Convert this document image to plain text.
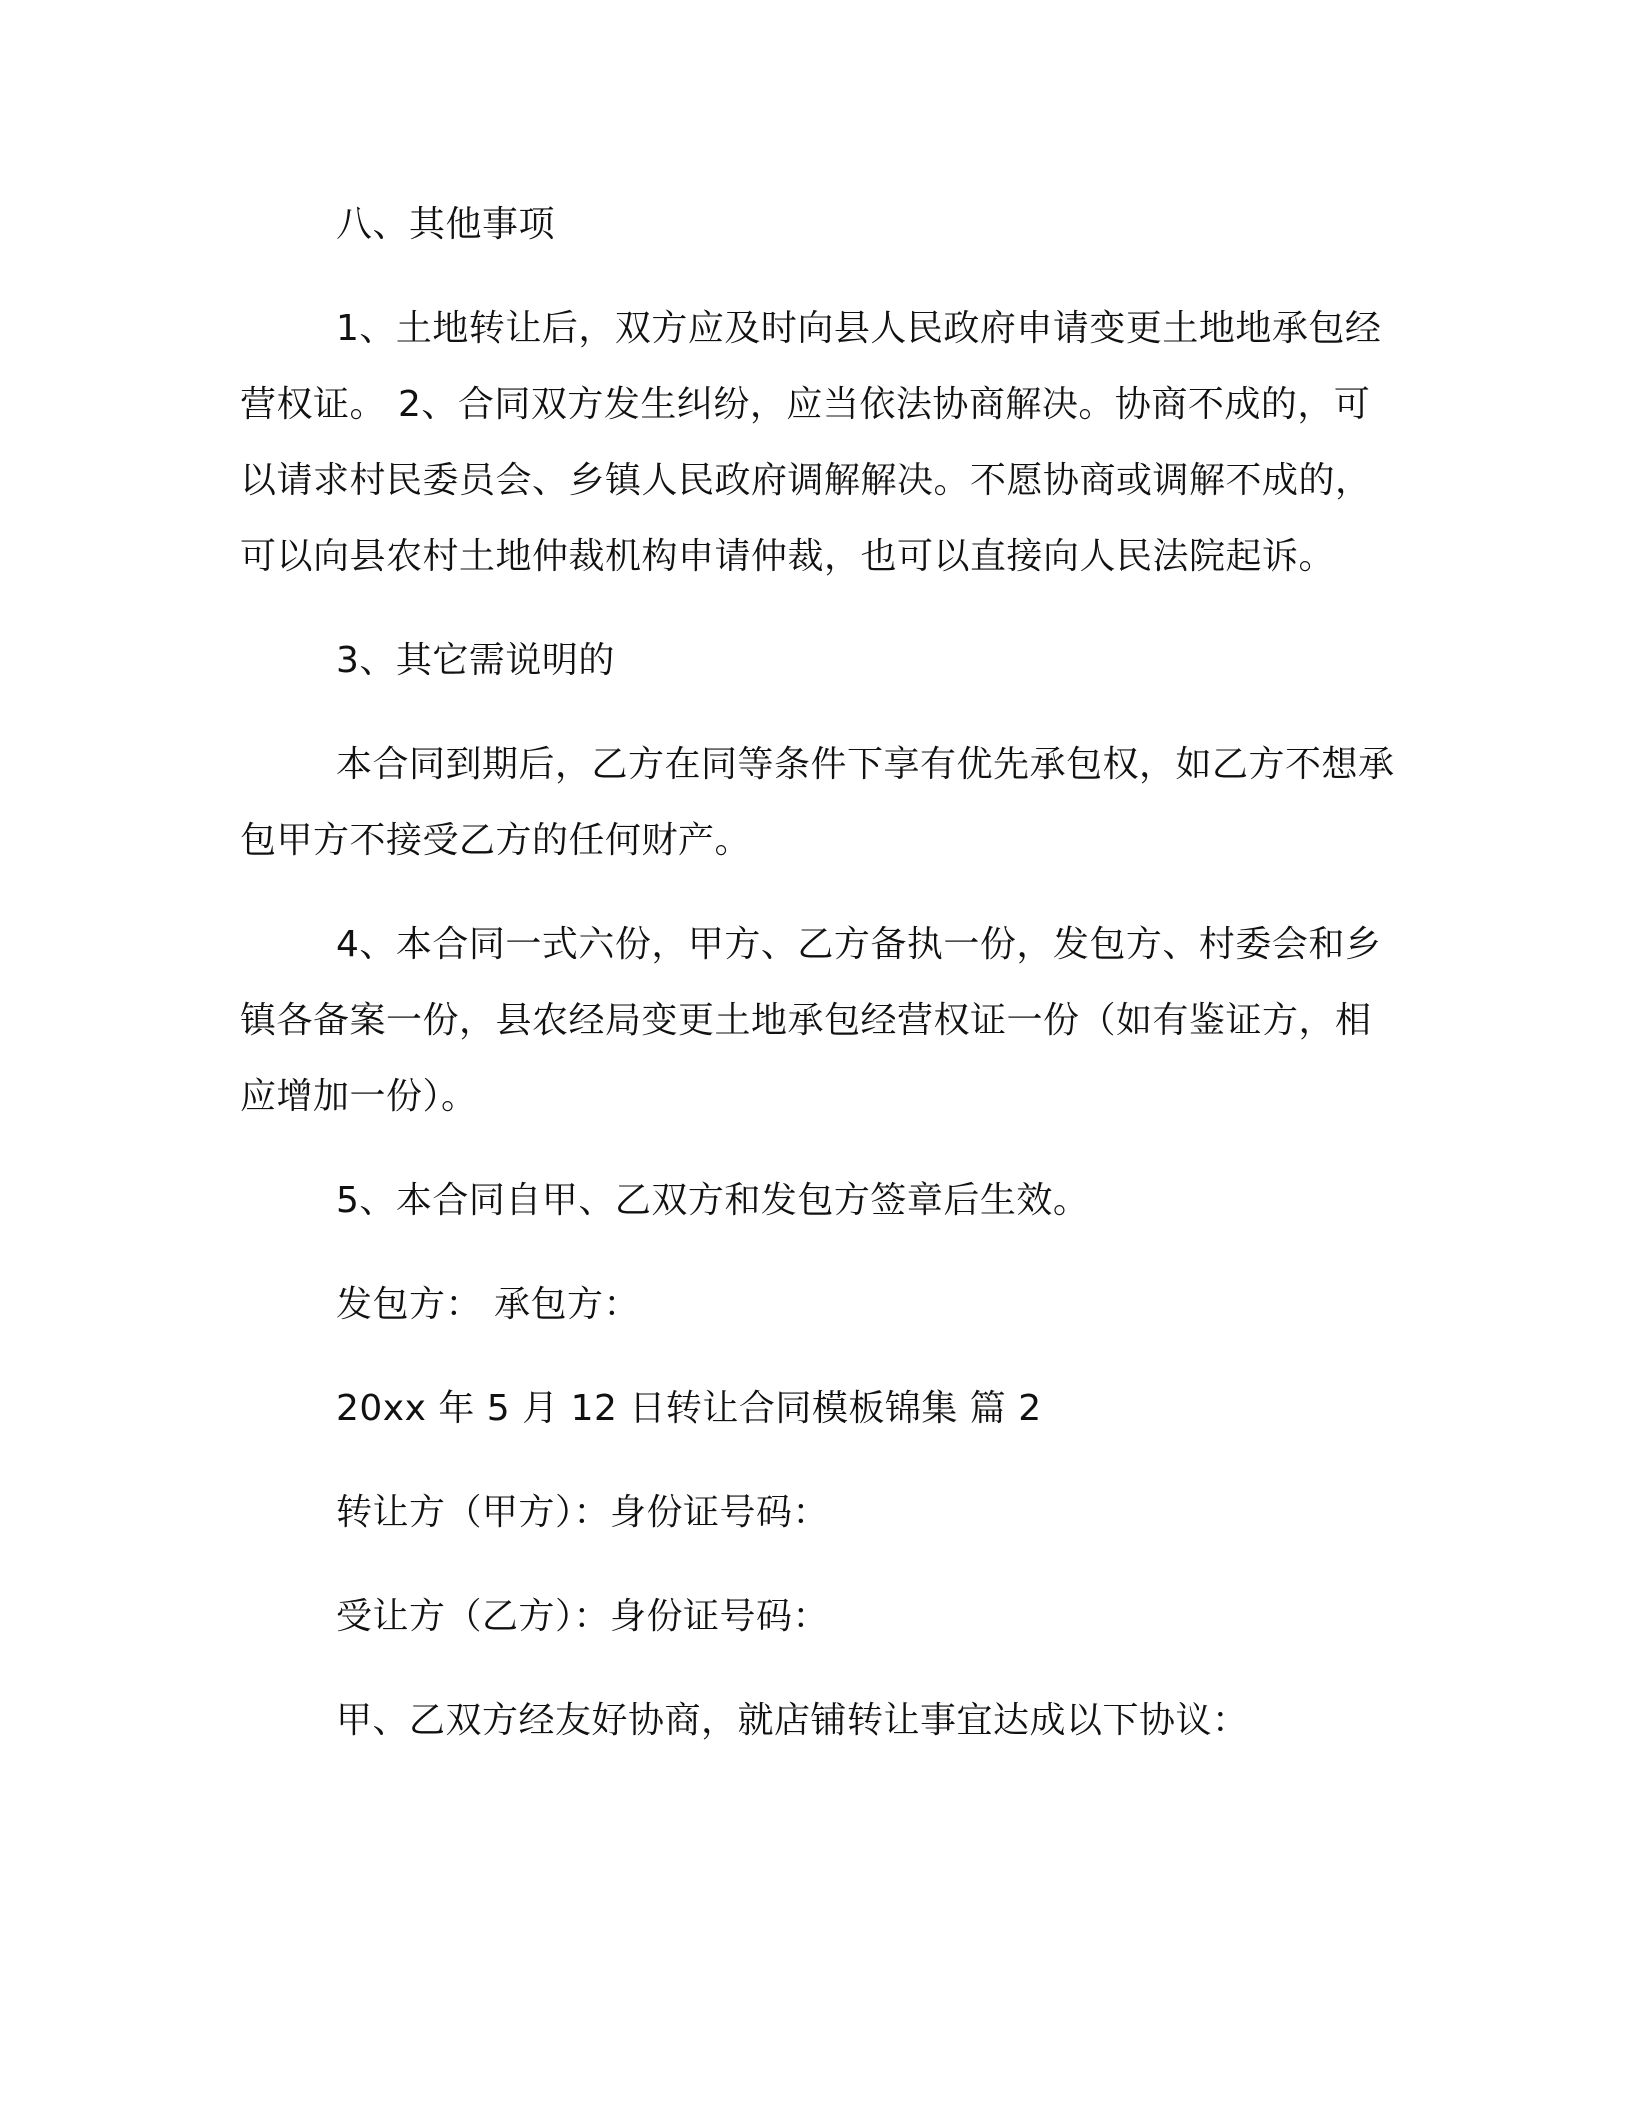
八、其他事项

1、土地转让后，双方应及时向县人民政府申请变更土地地承包经营权证。 2、合同双方发生纠纷，应当依法协商解决。协商不成的，可以请求村民委员会、乡镇人民政府调解解决。不愿协商或调解不成的，可以向县农村土地仲裁机构申请仲裁，也可以直接向人民法院起诉。

3、其它需说明的

本合同到期后，乙方在同等条件下享有优先承包权，如乙方不想承包甲方不接受乙方的任何财产。

4、本合同一式六份，甲方、乙方备执一份，发包方、村委会和乡镇各备案一份，县农经局变更土地承包经营权证一份（如有鉴证方，相应增加一份）。

5、本合同自甲、乙双方和发包方签章后生效。

发包方： 承包方：

20xx 年 5 月 12 日转让合同模板锦集 篇 2

转让方（甲方）：身份证号码：

受让方（乙方）：身份证号码：

甲、乙双方经友好协商，就店铺转让事宜达成以下协议：
